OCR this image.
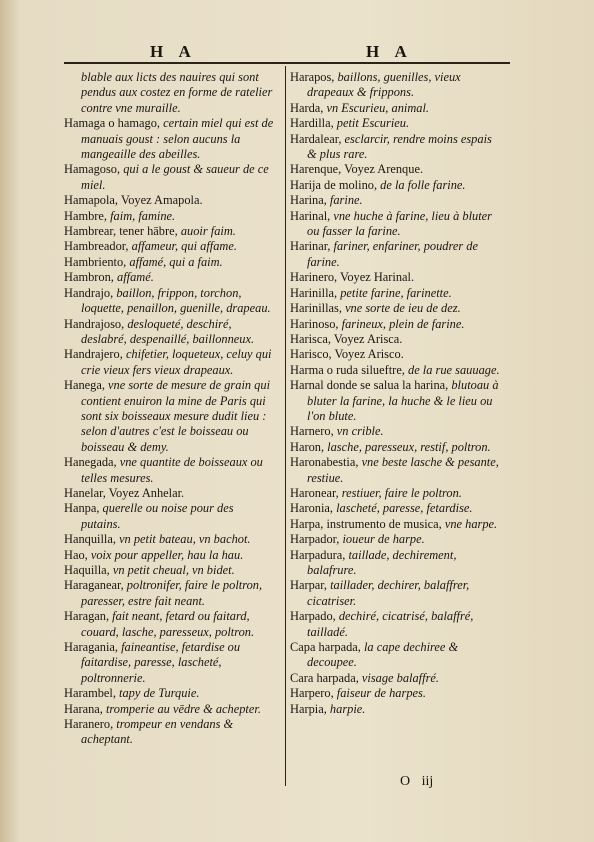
H A	H A

blable aux licts des nauires qui sont pendus aux costez en forme de ratelier contre vne muraille.

Hamaga o hamago, certain miel qui est de manuais goust : selon aucuns la mangeaille des abeilles.

Hamagoso, qui a le goust & saueur de ce miel.

Hamapola, Voyez Amapola.

Hambre, faim, famine.

Hambrear, tener hābre, auoir faim.

Hambreador, affameur, qui affame.

Hambriento, affamé, qui a faim.

Hambron, affamé.

Handrajo, baillon, frippon, torchon, loquette, penaillon, guenille, drapeau.

Handrajoso, desloqueté, deschiré, deslabré, despenaillé, baillonneux.

Handrajero, chifetier, loqueteux, celuy qui crie vieux fers vieux drapeaux.

Hanega, vne sorte de mesure de grain qui contient enuiron la mine de Paris qui sont six boisseaux mesure dudit lieu : selon d'autres c'est le boisseau ou boisseau & demy.

Hanegada, vne quantite de boisseaux ou telles mesures.

Hanelar, Voyez Anhelar.

Hanpa, querelle ou noise pour des putains.

Hanquilla, vn petit bateau, vn bachot.

Hao, voix pour appeller, hau la hau.

Haquilla, vn petit cheual, vn bidet.

Haraganear, poltronifer, faire le poltron, paresser, estre fait neant.

Haragan, fait neant, fetard ou faitard, couard, lasche, paresseux, poltron.

Haragania, faineantise, fetardise ou faitardise, paresse, lascheté, poltronnerie.

Harambel, tapy de Turquie.

Harana, tromperie au vēdre & achepter.

Haranero, trompeur en vendans & acheptant.

Harapos, baillons, guenilles, vieux drapeaux & frippons.

Harda, vn Escurieu, animal.

Hardilla, petit Escurieu.

Hardalear, esclarcir, rendre moins espais & plus rare.

Harenque, Voyez Arenque.

Harija de molino, de la folle farine.

Harina, farine.

Harinal, vne huche à farine, lieu à bluter ou fasser la farine.

Harinar, fariner, enfariner, poudrer de farine.

Harinero, Voyez Harinal.

Harinilla, petite farine, farinette.

Harinillas, vne sorte de ieu de dez.

Harinoso, farineux, plein de farine.

Harisca, Voyez Arisca.

Harisco, Voyez Arisco.

Harma o ruda silueftre, de la rue sauuage.

Harnal donde se salua la harina, blutoau à bluter la farine, la huche & le lieu ou l'on blute.

Harnero, vn crible.

Haron, lasche, paresseux, restif, poltron.

Haronabestia, vne beste lasche & pesante, restiue.

Haronear, restiuer, faire le poltron.

Haronia, lascheté, paresse, fetardise.

Harpa, instrumento de musica, vne harpe.

Harpador, ioueur de harpe.

Harpadura, taillade, dechirement, balafrure.

Harpar, taillader, dechirer, balaffrer, cicatriser.

Harpado, dechiré, cicatrisé, balaffré, tailladé.

Capa harpada, la cape dechiree & decoupee.

Cara harpada, visage balaffré.

Harpero, faiseur de harpes.

Harpia, harpie.

O iij
